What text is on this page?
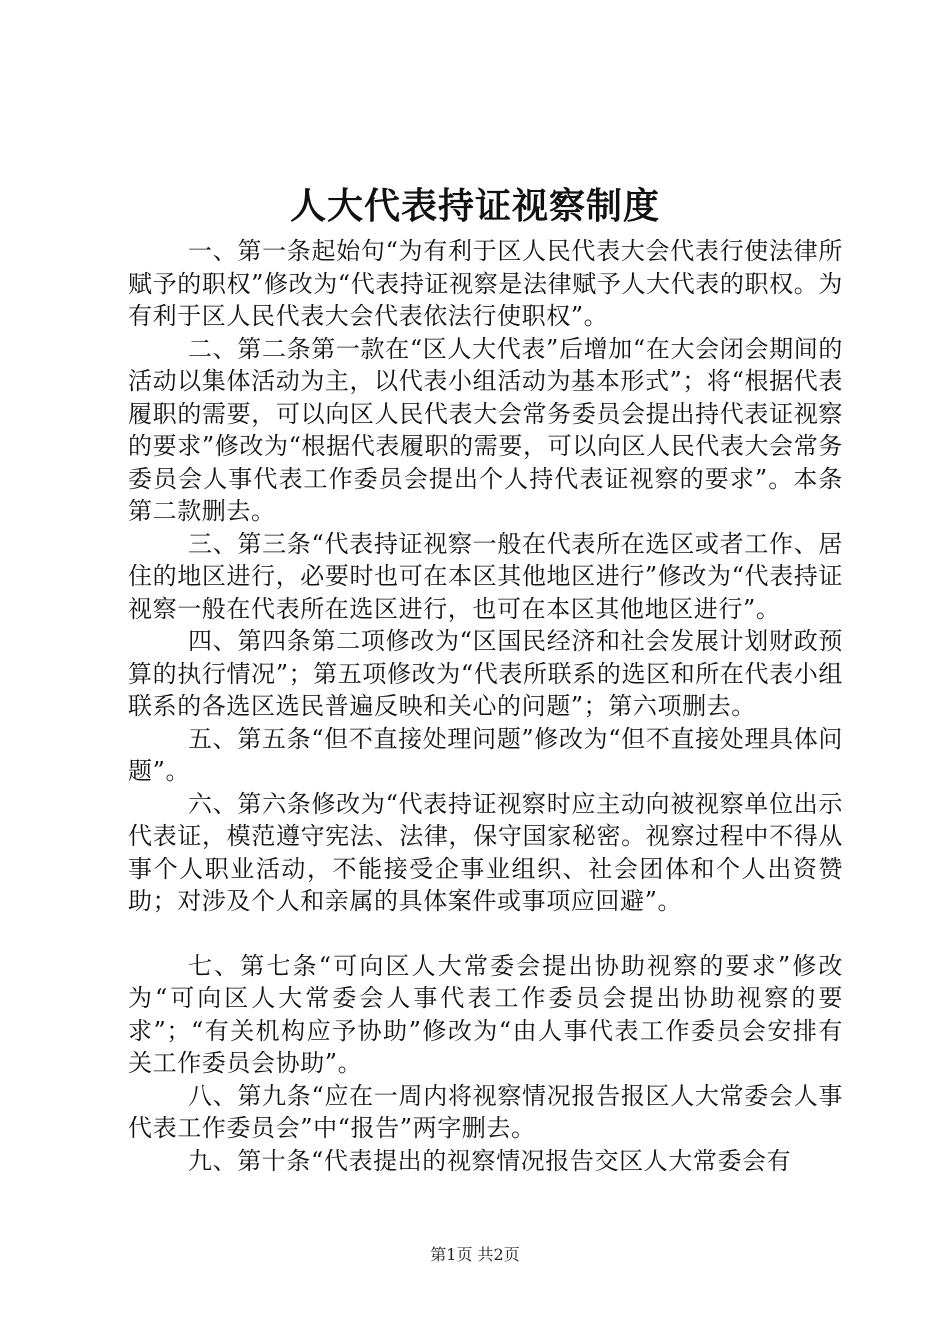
人大代表持证视察制度

一、第一条起始句“为有利于区人民代表大会代表行使法律所赋予的职权”修改为“代表持证视察是法律赋予人大代表的职权。为有利于区人民代表大会代表依法行使职权”。

二、第二条第一款在“区人大代表”后增加“在大会闭会期间的活动以集体活动为主，以代表小组活动为基本形式”；将“根据代表履职的需要，可以向区人民代表大会常务委员会提出持代表证视察的要求”修改为“根据代表履职的需要，可以向区人民代表大会常务委员会人事代表工作委员会提出个人持代表证视察的要求”。本条第二款删去。

三、第三条“代表持证视察一般在代表所在选区或者工作、居住的地区进行，必要时也可在本区其他地区进行”修改为“代表持证视察一般在代表所在选区进行，也可在本区其他地区进行”。

四、第四条第二项修改为“区国民经济和社会发展计划财政预算的执行情况”；第五项修改为“代表所联系的选区和所在代表小组联系的各选区选民普遍反映和关心的问题”；第六项删去。

五、第五条“但不直接处理问题”修改为“但不直接处理具体问题”。

六、第六条修改为“代表持证视察时应主动向被视察单位出示代表证，模范遵守宪法、法律，保守国家秘密。视察过程中不得从事个人职业活动，不能接受企事业组织、社会团体和个人出资赞助；对涉及个人和亲属的具体案件或事项应回避”。

七、第七条“可向区人大常委会提出协助视察的要求”修改为“可向区人大常委会人事代表工作委员会提出协助视察的要求”；“有关机构应予协助”修改为“由人事代表工作委员会安排有关工作委员会协助”。

八、第九条“应在一周内将视察情况报告报区人大常委会人事代表工作委员会”中“报告”两字删去。

九、第十条“代表提出的视察情况报告交区人大常委会有

第1页 共2页
